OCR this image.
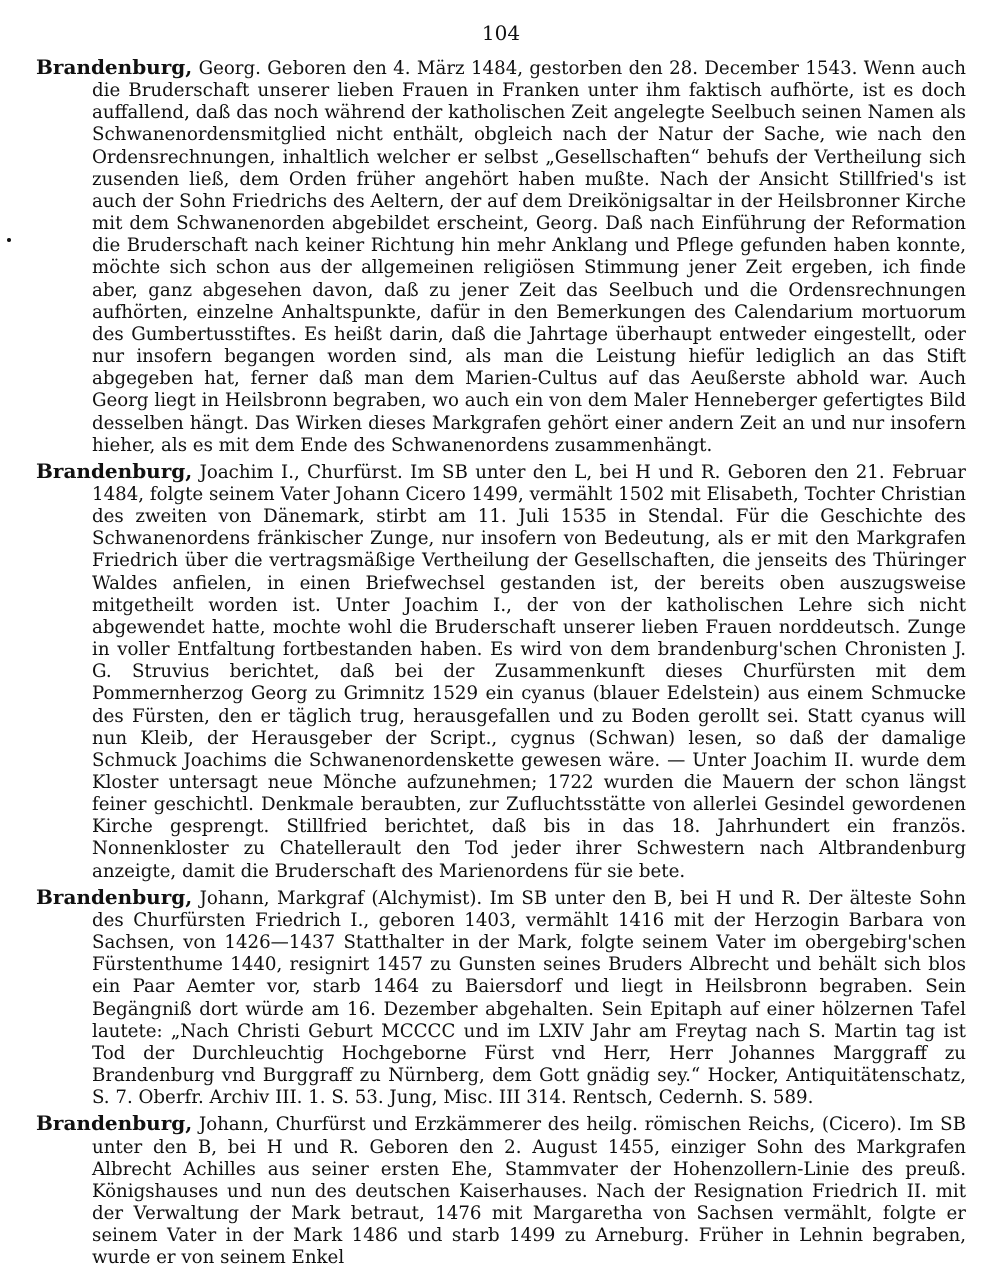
104

Brandenburg, Georg. Geboren den 4. März 1484, gestorben den 28. December 1543. Wenn auch die Bruderschaft unserer lieben Frauen in Franken unter ihm faktisch aufhörte, ist es doch auffallend, daß das noch während der katholischen Zeit angelegte Seelbuch seinen Namen als Schwanenordensmitglied nicht enthält, obgleich nach der Natur der Sache, wie nach den Ordensrechnungen, inhaltlich welcher er selbst „Gesellschaften“ behufs der Vertheilung sich zusenden ließ, dem Orden früher angehört haben mußte. Nach der Ansicht Stillfried's ist auch der Sohn Friedrichs des Aeltern, der auf dem Dreikönigsaltar in der Heilsbronner Kirche mit dem Schwanenorden abgebildet erscheint, Georg. Daß nach Einführung der Reformation die Bruderschaft nach keiner Richtung hin mehr Anklang und Pflege gefunden haben konnte, möchte sich schon aus der allgemeinen religiösen Stimmung jener Zeit ergeben, ich finde aber, ganz abgesehen davon, daß zu jener Zeit das Seelbuch und die Ordensrechnungen aufhörten, einzelne Anhaltspunkte, dafür in den Bemerkungen des Calendarium mortuorum des Gumbertusstiftes. Es heißt darin, daß die Jahrtage überhaupt entweder eingestellt, oder nur insofern begangen worden sind, als man die Leistung hiefür lediglich an das Stift abgegeben hat, ferner daß man dem Marien-Cultus auf das Aeußerste abhold war. Auch Georg liegt in Heilsbronn begraben, wo auch ein von dem Maler Henneberger gefertigtes Bild desselben hängt. Das Wirken dieses Markgrafen gehört einer andern Zeit an und nur insofern hieher, als es mit dem Ende des Schwanenordens zusammenhängt.

Brandenburg, Joachim I., Churfürst. Im SB unter den L, bei H und R. Geboren den 21. Februar 1484, folgte seinem Vater Johann Cicero 1499, vermählt 1502 mit Elisabeth, Tochter Christian des zweiten von Dänemark, stirbt am 11. Juli 1535 in Stendal. Für die Geschichte des Schwanenordens fränkischer Zunge, nur insofern von Bedeutung, als er mit den Markgrafen Friedrich über die vertragsmäßige Vertheilung der Gesellschaften, die jenseits des Thüringer Waldes anfielen, in einen Briefwechsel gestanden ist, der bereits oben auszugsweise mitgetheilt worden ist. Unter Joachim I., der von der katholischen Lehre sich nicht abgewendet hatte, mochte wohl die Bruderschaft unserer lieben Frauen norddeutsch. Zunge in voller Entfaltung fortbestanden haben. Es wird von dem brandenburg'schen Chronisten J. G. Struvius berichtet, daß bei der Zusammenkunft dieses Churfürsten mit dem Pommernherzog Georg zu Grimnitz 1529 ein cyanus (blauer Edelstein) aus einem Schmucke des Fürsten, den er täglich trug, herausgefallen und zu Boden gerollt sei. Statt cyanus will nun Kleib, der Herausgeber der Script., cygnus (Schwan) lesen, so daß der damalige Schmuck Joachims die Schwanenordenskette gewesen wäre. — Unter Joachim II. wurde dem Kloster untersagt neue Mönche aufzunehmen; 1722 wurden die Mauern der schon längst feiner geschichtl. Denkmale beraubten, zur Zufluchtsstätte von allerlei Gesindel gewordenen Kirche gesprengt. Stillfried berichtet, daß bis in das 18. Jahrhundert ein französ. Nonnenkloster zu Chatellerault den Tod jeder ihrer Schwestern nach Altbrandenburg anzeigte, damit die Bruderschaft des Marienordens für sie bete.

Brandenburg, Johann, Markgraf (Alchymist). Im SB unter den B, bei H und R. Der älteste Sohn des Churfürsten Friedrich I., geboren 1403, vermählt 1416 mit der Herzogin Barbara von Sachsen, von 1426—1437 Statthalter in der Mark, folgte seinem Vater im obergebirg'schen Fürstenthume 1440, resignirt 1457 zu Gunsten seines Bruders Albrecht und behält sich blos ein Paar Aemter vor, starb 1464 zu Baiersdorf und liegt in Heilsbronn begraben. Sein Begängniß dort würde am 16. Dezember abgehalten. Sein Epitaph auf einer hölzernen Tafel lautete: „Nach Christi Geburt MCCCC und im LXIV Jahr am Freytag nach S. Martin tag ist Tod der Durchleuchtig Hochgeborne Fürst vnd Herr, Herr Johannes Marggraff zu Brandenburg vnd Burggraff zu Nürnberg, dem Gott gnädig sey.“ Hocker, Antiquitätenschatz, S. 7. Oberfr. Archiv III. 1. S. 53. Jung, Misc. III 314. Rentsch, Cedernh. S. 589.

Brandenburg, Johann, Churfürst und Erzkämmerer des heilg. römischen Reichs, (Cicero). Im SB unter den B, bei H und R. Geboren den 2. August 1455, einziger Sohn des Markgrafen Albrecht Achilles aus seiner ersten Ehe, Stammvater der Hohenzollern-Linie des preuß. Königshauses und nun des deutschen Kaiserhauses. Nach der Resignation Friedrich II. mit der Verwaltung der Mark betraut, 1476 mit Margaretha von Sachsen vermählt, folgte er seinem Vater in der Mark 1486 und starb 1499 zu Arneburg. Früher in Lehnin begraben, wurde er von seinem Enkel
